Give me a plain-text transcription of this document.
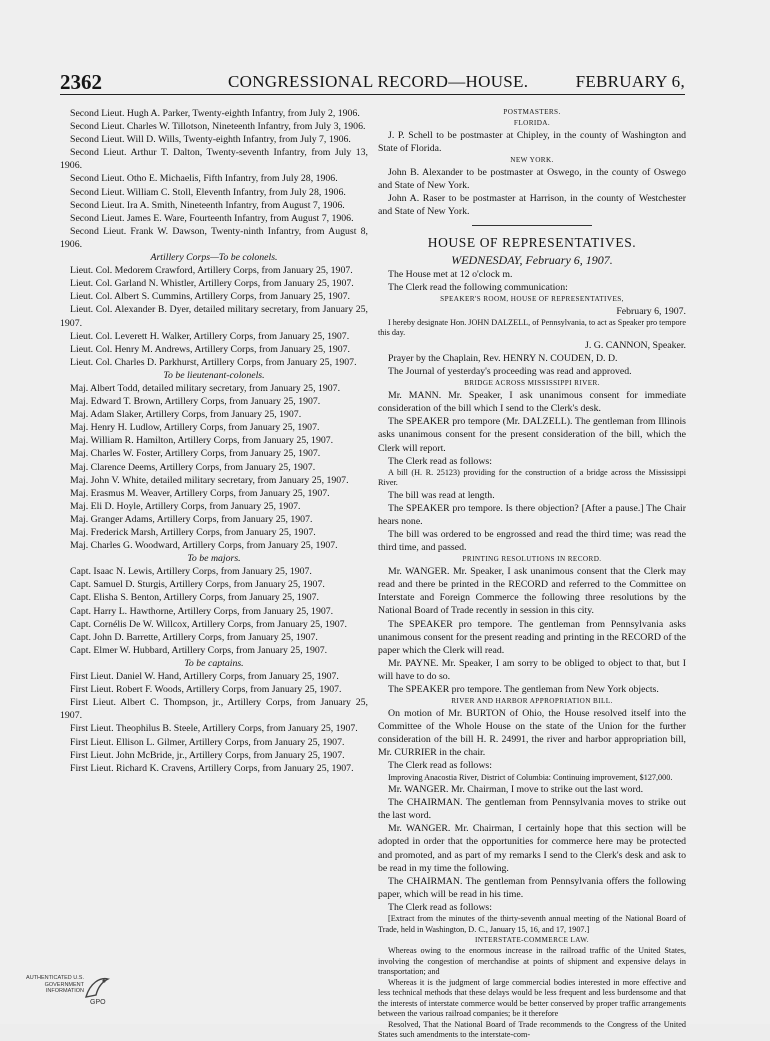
2362	CONGRESSIONAL RECORD—HOUSE.	FEBRUARY 6,

Second Lieut. Hugh A. Parker, Twenty-eighth Infantry, from July 2, 1906.

Second Lieut. Charles W. Tillotson, Nineteenth Infantry, from July 3, 1906.

Second Lieut. Will D. Wills, Twenty-eighth Infantry, from July 7, 1906.

Second Lieut. Arthur T. Dalton, Twenty-seventh Infantry, from July 13, 1906.

Second Lieut. Otho E. Michaelis, Fifth Infantry, from July 28, 1906.

Second Lieut. William C. Stoll, Eleventh Infantry, from July 28, 1906.

Second Lieut. Ira A. Smith, Nineteenth Infantry, from August 7, 1906.

Second Lieut. James E. Ware, Fourteenth Infantry, from August 7, 1906.

Second Lieut. Frank W. Dawson, Twenty-ninth Infantry, from August 8, 1906.

Artillery Corps—To be colonels.

Lieut. Col. Medorem Crawford, Artillery Corps, from January 25, 1907.

Lieut. Col. Garland N. Whistler, Artillery Corps, from January 25, 1907.

Lieut. Col. Albert S. Cummins, Artillery Corps, from January 25, 1907.

Lieut. Col. Alexander B. Dyer, detailed military secretary, from January 25, 1907.

Lieut. Col. Leverett H. Walker, Artillery Corps, from January 25, 1907.

Lieut. Col. Henry M. Andrews, Artillery Corps, from January 25, 1907.

Lieut. Col. Charles D. Parkhurst, Artillery Corps, from January 25, 1907.

To be lieutenant-colonels.

Maj. Albert Todd, detailed military secretary, from January 25, 1907.

Maj. Edward T. Brown, Artillery Corps, from January 25, 1907.

Maj. Adam Slaker, Artillery Corps, from January 25, 1907.

Maj. Henry H. Ludlow, Artillery Corps, from January 25, 1907.

Maj. William R. Hamilton, Artillery Corps, from January 25, 1907.

Maj. Charles W. Foster, Artillery Corps, from January 25, 1907.

Maj. Clarence Deems, Artillery Corps, from January 25, 1907.

Maj. John V. White, detailed military secretary, from January 25, 1907.

Maj. Erasmus M. Weaver, Artillery Corps, from January 25, 1907.

Maj. Eli D. Hoyle, Artillery Corps, from January 25, 1907.

Maj. Granger Adams, Artillery Corps, from January 25, 1907.

Maj. Frederick Marsh, Artillery Corps, from January 25, 1907.

Maj. Charles G. Woodward, Artillery Corps, from January 25, 1907.

To be majors.

Capt. Isaac N. Lewis, Artillery Corps, from January 25, 1907.

Capt. Samuel D. Sturgis, Artillery Corps, from January 25, 1907.

Capt. Elisha S. Benton, Artillery Corps, from January 25, 1907.

Capt. Harry L. Hawthorne, Artillery Corps, from January 25, 1907.

Capt. Cornélis De W. Willcox, Artillery Corps, from January 25, 1907.

Capt. John D. Barrette, Artillery Corps, from January 25, 1907.

Capt. Elmer W. Hubbard, Artillery Corps, from January 25, 1907.

To be captains.

First Lieut. Daniel W. Hand, Artillery Corps, from January 25, 1907.

First Lieut. Robert F. Woods, Artillery Corps, from January 25, 1907.

First Lieut. Albert C. Thompson, jr., Artillery Corps, from January 25, 1907.

First Lieut. Theophilus B. Steele, Artillery Corps, from January 25, 1907.

First Lieut. Ellison L. Gilmer, Artillery Corps, from January 25, 1907.

First Lieut. John McBride, jr., Artillery Corps, from January 25, 1907.

First Lieut. Richard K. Cravens, Artillery Corps, from January 25, 1907.

POSTMASTERS.

FLORIDA.

J. P. Schell to be postmaster at Chipley, in the county of Washington and State of Florida.

NEW YORK.

John B. Alexander to be postmaster at Oswego, in the county of Oswego and State of New York.

John A. Raser to be postmaster at Harrison, in the county of Westchester and State of New York.

HOUSE OF REPRESENTATIVES.

WEDNESDAY, February 6, 1907.

The House met at 12 o'clock m.

The Clerk read the following communication:

SPEAKER'S ROOM, HOUSE OF REPRESENTATIVES,

February 6, 1907.

I hereby designate Hon. JOHN DALZELL, of Pennsylvania, to act as Speaker pro tempore this day.

J. G. CANNON, Speaker.

Prayer by the Chaplain, Rev. HENRY N. COUDEN, D. D.

The Journal of yesterday's proceeding was read and approved.

BRIDGE ACROSS MISSISSIPPI RIVER.

Mr. MANN. Mr. Speaker, I ask unanimous consent for immediate consideration of the bill which I send to the Clerk's desk.

The SPEAKER pro tempore (Mr. DALZELL). The gentleman from Illinois asks unanimous consent for the present consideration of the bill, which the Clerk will report.

The Clerk read as follows:

A bill (H. R. 25123) providing for the construction of a bridge across the Mississippi River.

The bill was read at length.

The SPEAKER pro tempore. Is there objection? [After a pause.] The Chair hears none.

The bill was ordered to be engrossed and read the third time; was read the third time, and passed.

PRINTING RESOLUTIONS IN RECORD.

Mr. WANGER. Mr. Speaker, I ask unanimous consent that the Clerk may read and there be printed in the RECORD and referred to the Committee on Interstate and Foreign Commerce the following three resolutions by the National Board of Trade recently in session in this city.

The SPEAKER pro tempore. The gentleman from Pennsylvania asks unanimous consent for the present reading and printing in the RECORD of the paper which the Clerk will read.

Mr. PAYNE. Mr. Speaker, I am sorry to be obliged to object to that, but I will have to do so.

The SPEAKER pro tempore. The gentleman from New York objects.

RIVER AND HARBOR APPROPRIATION BILL.

On motion of Mr. BURTON of Ohio, the House resolved itself into the Committee of the Whole House on the state of the Union for the further consideration of the bill H. R. 24991, the river and harbor appropriation bill, Mr. CURRIER in the chair.

The Clerk read as follows:

Improving Anacostia River, District of Columbia: Continuing improvement, $127,000.

Mr. WANGER. Mr. Chairman, I move to strike out the last word.

The CHAIRMAN. The gentleman from Pennsylvania moves to strike out the last word.

Mr. WANGER. Mr. Chairman, I certainly hope that this section will be adopted in order that the opportunities for commerce here may be protected and promoted, and as part of my remarks I send to the Clerk's desk and ask to be read in my time the following.

The CHAIRMAN. The gentleman from Pennsylvania offers the following paper, which will be read in his time.

The Clerk read as follows:

[Extract from the minutes of the thirty-seventh annual meeting of the National Board of Trade, held in Washington, D. C., January 15, 16, and 17, 1907.]

INTERSTATE-COMMERCE LAW.

Whereas owing to the enormous increase in the railroad traffic of the United States, involving the congestion of merchandise at points of shipment and expensive delays in transportation; and

Whereas it is the judgment of large commercial bodies interested in more effective and less technical methods that these delays would be less frequent and less burdensome and that the interests of interstate commerce would be better conserved by proper traffic arrangements between the various railroad companies; be it therefore

Resolved, That the National Board of Trade recommends to the Congress of the United States such amendments to the interstate-com-

AUTHENTICATED U.S. GOVERNMENT INFORMATION
GPO
